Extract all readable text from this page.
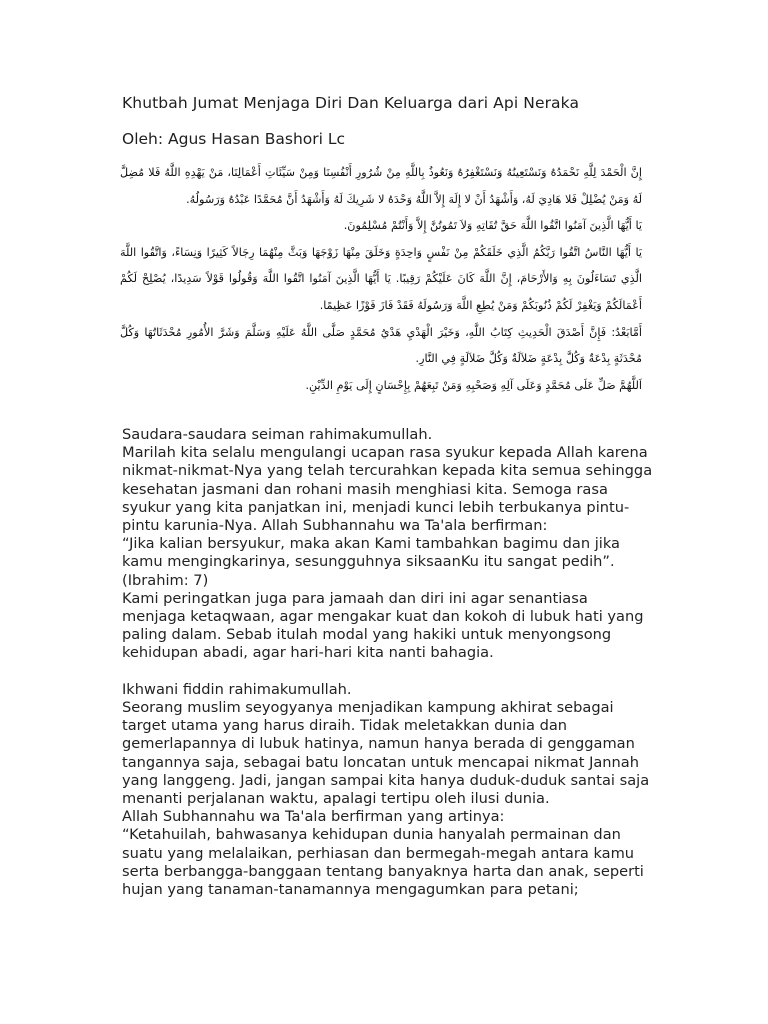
Khutbah Jumat Menjaga Diri Dan Keluarga dari Api Neraka
Oleh: Agus Hasan Bashori Lc

إِنَّ الْحَمْدَ لِلَّهِ نَحْمَدُهُ وَنَسْتَعِينُهُ وَنَسْتَغْفِرُهُ وَنَعُوذُ بِاللَّهِ مِنْ شُرُورِ أَنْفُسِنَا وَمِنْ سَيِّئَاتِ أَعْمَالِنَا، مَنْ يَهْدِهِ اللَّهُ فَلا مُضِلَّ لَهُ وَمَنْ يُضْلِلْ فَلا هَادِيَ لَهُ، وَأَشْهَدُ أَنْ لا إِلَهَ إِلاَّ اللَّهُ وَحْدَهُ لا شَرِيكَ لَهُ وَأَشْهَدُ أَنَّ مُحَمَّدًا عَبْدُهُ وَرَسُولُهُ.

يَا أَيُّهَا الَّذِينَ آمَنُوا اتَّقُوا اللَّهَ حَقَّ تُقَاتِهِ وَلاَ تَمُوتُنَّ إِلاَّ وَأَنْتُمْ مُسْلِمُونَ.

يَا أَيُّهَا النَّاسُ اتَّقُوا رَبَّكُمُ الَّذِي خَلَقَكُمْ مِنْ نَفْسٍ وَاحِدَةٍ وَخَلَقَ مِنْهَا زَوْجَهَا وَبَثَّ مِنْهُمَا رِجَالاً كَثِيرًا وَنِسَاءً، وَاتَّقُوا اللَّهَ الَّذِي تَسَاءَلُونَ بِهِ وَالأَرْحَامَ، إِنَّ اللَّهَ كَانَ عَلَيْكُمْ رَقِيبًا. يَا أَيُّهَا الَّذِينَ آمَنُوا اتَّقُوا اللَّهَ وَقُولُوا قَوْلاً سَدِيدًا، يُصْلِحْ لَكُمْ أَعْمَالَكُمْ وَيَغْفِرْ لَكُمْ ذُنُوبَكُمْ وَمَنْ يُطِعِ اللَّهَ وَرَسُولَهُ فَقَدْ فَازَ فَوْزًا عَظِيمًا.

أَمَّابَعْدُ: فَإِنَّ أَصْدَقَ الْحَدِيثِ كِتَابُ اللَّهِ، وَخَيْرَ الْهَدْيِ هَدْيُ مُحَمَّدٍ صَلَّى اللَّهُ عَلَيْهِ وَسَلَّمَ وَشَرَّ الأُمُورِ مُحْدَثَاتُهَا وَكُلَّ مُحْدَثَةٍ بِدْعَةٌ وَكُلَّ بِدْعَةٍ ضَلاَلَةٌ وَكُلَّ ضَلاَلَةٍ فِي النَّارِ.

اَللَّهُمَّ صَلِّ عَلَى مُحَمَّدٍ وَعَلَى آلِهِ وَصَحْبِهِ وَمَنْ تَبِعَهُمْ بِإِحْسَانٍ إِلَى يَوْمِ الدِّيْنِ.

Saudara-saudara seiman rahimakumullah.

Marilah kita selalu mengulangi ucapan rasa syukur kepada Allah karena nikmat-nikmat-Nya yang telah tercurahkan kepada kita semua sehingga kesehatan jasmani dan rohani masih menghiasi kita. Semoga rasa syukur yang kita panjatkan ini, menjadi kunci lebih terbukanya pintu-pintu karunia-Nya. Allah Subhannahu wa Ta'ala berfirman:

“Jika kalian bersyukur, maka akan Kami tambahkan bagimu dan jika kamu mengingkarinya, sesungguhnya siksaanKu itu sangat pedih”. (Ibrahim: 7)

Kami peringatkan juga para jamaah dan diri ini agar senantiasa menjaga ketaqwaan, agar mengakar kuat dan kokoh di lubuk hati yang paling dalam. Sebab itulah modal yang hakiki untuk menyongsong kehidupan abadi, agar hari-hari kita nanti bahagia.

Ikhwani fiddin rahimakumullah.

Seorang muslim seyogyanya menjadikan kampung akhirat sebagai target utama yang harus diraih. Tidak meletakkan dunia dan gemerlapannya di lubuk hatinya, namun hanya berada di genggaman tangannya saja, sebagai batu loncatan untuk mencapai nikmat Jannah yang langgeng. Jadi, jangan sampai kita hanya duduk-duduk santai saja menanti perjalanan waktu, apalagi tertipu oleh ilusi dunia.

Allah Subhannahu wa Ta'ala berfirman yang artinya:

“Ketahuilah, bahwasanya kehidupan dunia hanyalah permainan dan suatu yang melalaikan, perhiasan dan bermegah-megah antara kamu serta berbangga-banggaan tentang banyaknya harta dan anak, seperti hujan yang tanaman-tanamannya mengagumkan para petani;
